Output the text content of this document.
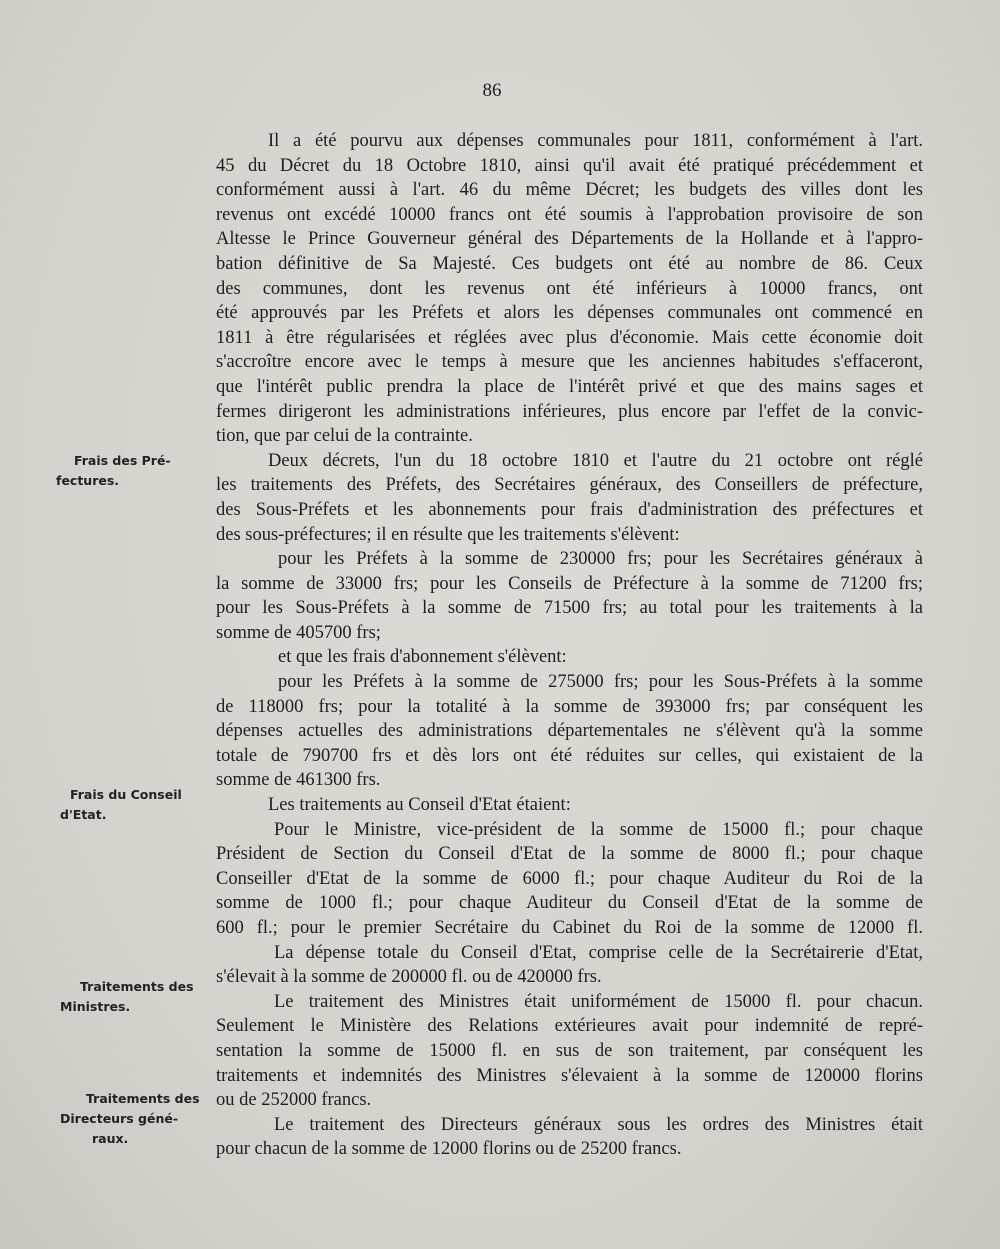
86
Frais des Pré-
fectures.
Frais du Conseil
d'Etat.
Traitements des
Ministres.
Traitements des
Directeurs géné-
raux.
Il a été pourvu aux dépenses communales pour 1811, conformément à l'art.
45 du Décret du 18 Octobre 1810, ainsi qu'il avait été pratiqué précédemment et
conformément aussi à l'art. 46 du même Décret; les budgets des villes dont les
revenus ont excédé 10000 francs ont été soumis à l'approbation provisoire de son
Altesse le Prince Gouverneur général des Départements de la Hollande et à l'appro-
bation définitive de Sa Majesté. Ces budgets ont été au nombre de 86. Ceux
des communes, dont les revenus ont été inférieurs à 10000 francs, ont
été approuvés par les Préfets et alors les dépenses communales ont commencé en
1811 à être régularisées et réglées avec plus d'économie. Mais cette économie doit
s'accroître encore avec le temps à mesure que les anciennes habitudes s'effaceront,
que l'intérêt public prendra la place de l'intérêt privé et que des mains sages et
fermes dirigeront les administrations inférieures, plus encore par l'effet de la convic-
tion, que par celui de la contrainte.
Deux décrets, l'un du 18 octobre 1810 et l'autre du 21 octobre ont réglé
les traitements des Préfets, des Secrétaires généraux, des Conseillers de préfecture,
des Sous-Préfets et les abonnements pour frais d'administration des préfectures et
des sous-préfectures; il en résulte que les traitements s'élèvent:
pour les Préfets à la somme de 230000 frs; pour les Secrétaires généraux à
la somme de 33000 frs; pour les Conseils de Préfecture à la somme de 71200 frs;
pour les Sous-Préfets à la somme de 71500 frs; au total pour les traitements à la
somme de 405700 frs;
et que les frais d'abonnement s'élèvent:
pour les Préfets à la somme de 275000 frs; pour les Sous-Préfets à la somme
de 118000 frs; pour la totalité à la somme de 393000 frs; par conséquent les
dépenses actuelles des administrations départementales ne s'élèvent qu'à la somme
totale de 790700 frs et dès lors ont été réduites sur celles, qui existaient de la
somme de 461300 frs.
Les traitements au Conseil d'Etat étaient:
Pour le Ministre, vice-président de la somme de 15000 fl.; pour chaque
Président de Section du Conseil d'Etat de la somme de 8000 fl.; pour chaque
Conseiller d'Etat de la somme de 6000 fl.; pour chaque Auditeur du Roi de la
somme de 1000 fl.; pour chaque Auditeur du Conseil d'Etat de la somme de
600 fl.; pour le premier Secrétaire du Cabinet du Roi de la somme de 12000 fl.
La dépense totale du Conseil d'Etat, comprise celle de la Secrétairerie d'Etat,
s'élevait à la somme de 200000 fl. ou de 420000 frs.
Le traitement des Ministres était uniformément de 15000 fl. pour chacun.
Seulement le Ministère des Relations extérieures avait pour indemnité de repré-
sentation la somme de 15000 fl. en sus de son traitement, par conséquent les
traitements et indemnités des Ministres s'élevaient à la somme de 120000 florins
ou de 252000 francs.
Le traitement des Directeurs généraux sous les ordres des Ministres était
pour chacun de la somme de 12000 florins ou de 25200 francs.
